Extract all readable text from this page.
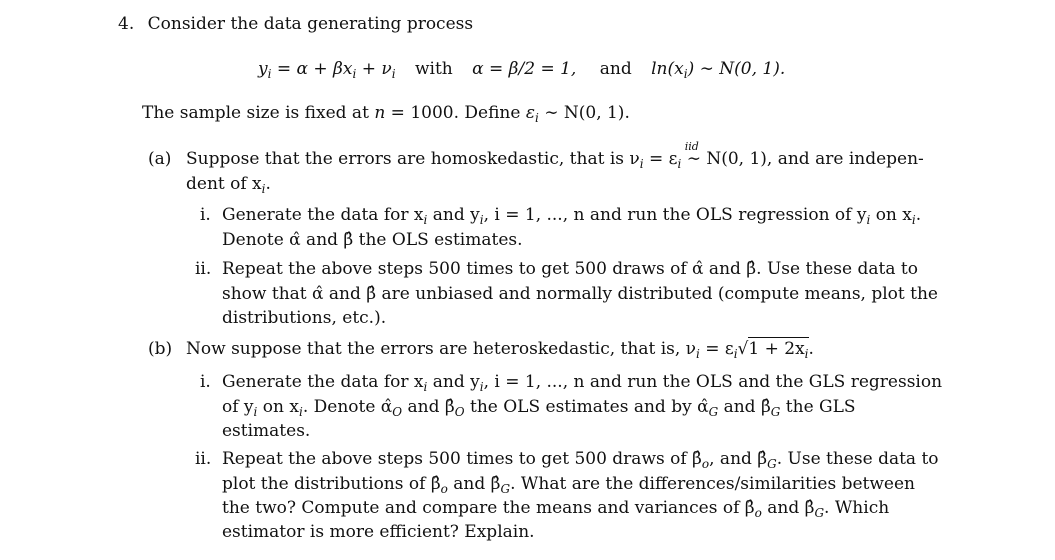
4. Consider the data generating process
$y_i = \alpha + \beta x_i + \nu_i$ with α = β/2 = 1, and $\ln(x_i)$ ∼ N(0, 1).
The sample size is fixed at n = 1000. Define $\varepsilon_i$ ∼ N(0, 1).
(a) Suppose that the errors are homoskedastic, that is $\nu_i = \varepsilon_i$
iid
∼ N(0, 1), and are indepen-
dent of $x_i$.
i. Generate the data for $x_i$ and $y_i$, i = 1, ..., n and run the OLS regression of $y_i$ on $x_i$.
Denote α̂ and β̂ the OLS estimates.
ii. Repeat the above steps 500 times to get 500 draws of α̂ and β̂. Use these data to
show that α̂ and β̂ are unbiased and normally distributed (compute means, plot the
distributions, etc.).
(b) Now suppose that the errors are heteroskedastic, that is, $\nu_i = \varepsilon_i√1 + 2x_i$.
i. Generate the data for $x_i$ and $y_i$, i = 1, ..., n and run the OLS and the GLS regression
of $y_i$ on $x_i$. Denote $\alphâ_O$ and $\betâ_O$ the OLS estimates and by $\alphâ_G$ and $\betâ_G$ the GLS
estimates.
ii. Repeat the above steps 500 times to get 500 draws of $\betâ_o$, and $\betâ_G$. Use these data to
plot the distributions of $\betâ_o$ and $\betâ_G$. What are the differences/similarities between
the two? Compute and compare the means and variances of $\betâ_o$ and $\betâ_G$. Which
estimator is more efficient? Explain.
